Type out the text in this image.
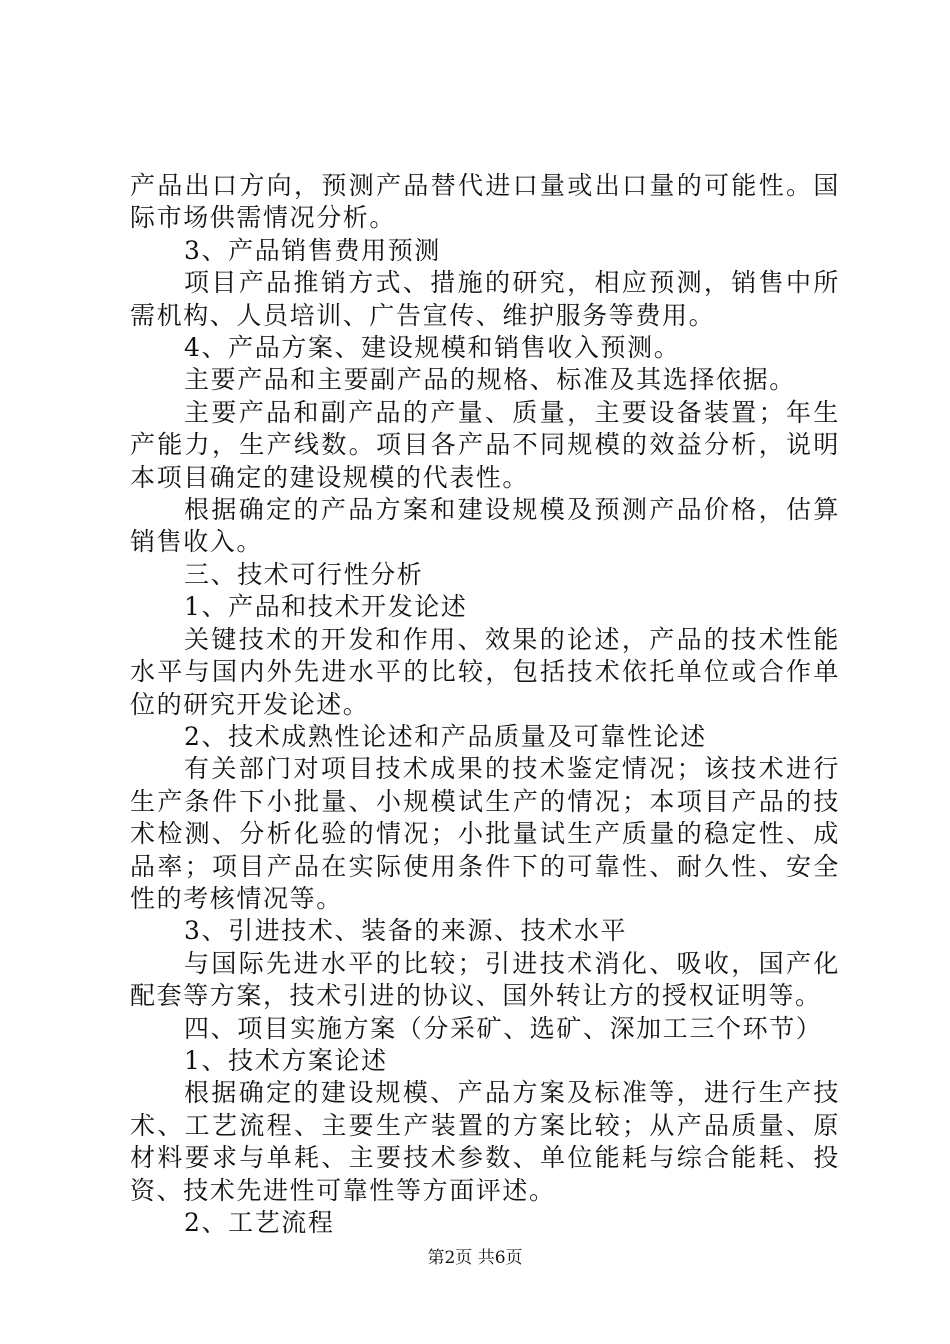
产品出口方向，预测产品替代进口量或出口量的可能性。国际市场供需情况分析。

3、产品销售费用预测

项目产品推销方式、措施的研究，相应预测，销售中所需机构、人员培训、广告宣传、维护服务等费用。

4、产品方案、建设规模和销售收入预测。

主要产品和主要副产品的规格、标准及其选择依据。

主要产品和副产品的产量、质量，主要设备装置；年生产能力，生产线数。项目各产品不同规模的效益分析，说明本项目确定的建设规模的代表性。

根据确定的产品方案和建设规模及预测产品价格，估算销售收入。

三、技术可行性分析

1、产品和技术开发论述

关键技术的开发和作用、效果的论述，产品的技术性能水平与国内外先进水平的比较，包括技术依托单位或合作单位的研究开发论述。

2、技术成熟性论述和产品质量及可靠性论述

有关部门对项目技术成果的技术鉴定情况；该技术进行生产条件下小批量、小规模试生产的情况；本项目产品的技术检测、分析化验的情况；小批量试生产质量的稳定性、成品率；项目产品在实际使用条件下的可靠性、耐久性、安全性的考核情况等。

3、引进技术、装备的来源、技术水平

与国际先进水平的比较；引进技术消化、吸收，国产化配套等方案，技术引进的协议、国外转让方的授权证明等。

四、项目实施方案（分采矿、选矿、深加工三个环节）

1、技术方案论述

根据确定的建设规模、产品方案及标准等，进行生产技术、工艺流程、主要生产装置的方案比较；从产品质量、原材料要求与单耗、主要技术参数、单位能耗与综合能耗、投资、技术先进性可靠性等方面评述。

2、工艺流程

第2页 共6页
